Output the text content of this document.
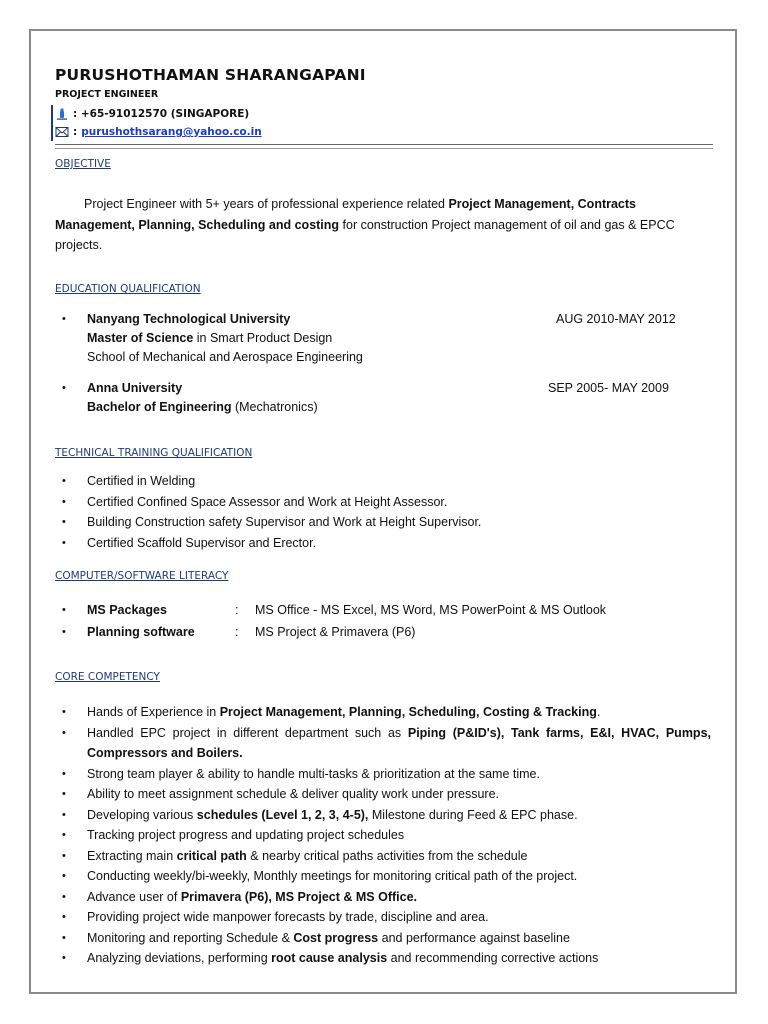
PURUSHOTHAMAN SHARANGAPANI
PROJECT ENGINEER
: +65-91012570 (SINGAPORE)
: purushothsarang@yahoo.co.in
OBJECTIVE
Project Engineer with 5+ years of professional experience related Project Management, Contracts Management, Planning, Scheduling and costing for construction Project management of oil and gas & EPCC projects.
EDUCATION QUALIFICATION
• Nanyang Technological University
Master of Science in Smart Product Design
School of Mechanical and Aerospace Engineering
AUG 2010-MAY 2012
• Anna University
Bachelor of Engineering (Mechatronics)
SEP 2005- MAY 2009
TECHNICAL TRAINING QUALIFICATION
• Certified in Welding
• Certified Confined Space Assessor and Work at Height Assessor.
• Building Construction safety Supervisor and Work at Height Supervisor.
• Certified Scaffold Supervisor and Erector.
COMPUTER/SOFTWARE LITERACY
• MS Packages	: MS Office - MS Excel, MS Word, MS PowerPoint & MS Outlook
• Planning software	: MS Project & Primavera (P6)
CORE COMPETENCY
• Hands of Experience in Project Management, Planning, Scheduling, Costing & Tracking.
• Handled EPC project in different department such as Piping (P&ID's), Tank farms, E&I, HVAC, Pumps, Compressors and Boilers.
• Strong team player & ability to handle multi-tasks & prioritization at the same time.
• Ability to meet assignment schedule & deliver quality work under pressure.
• Developing various schedules (Level 1, 2, 3, 4-5), Milestone during Feed & EPC phase.
• Tracking project progress and updating project schedules
• Extracting main critical path & nearby critical paths activities from the schedule
• Conducting weekly/bi-weekly, Monthly meetings for monitoring critical path of the project.
• Advance user of Primavera (P6), MS Project & MS Office.
• Providing project wide manpower forecasts by trade, discipline and area.
• Monitoring and reporting Schedule & Cost progress and performance against baseline
• Analyzing deviations, performing root cause analysis and recommending corrective actions
